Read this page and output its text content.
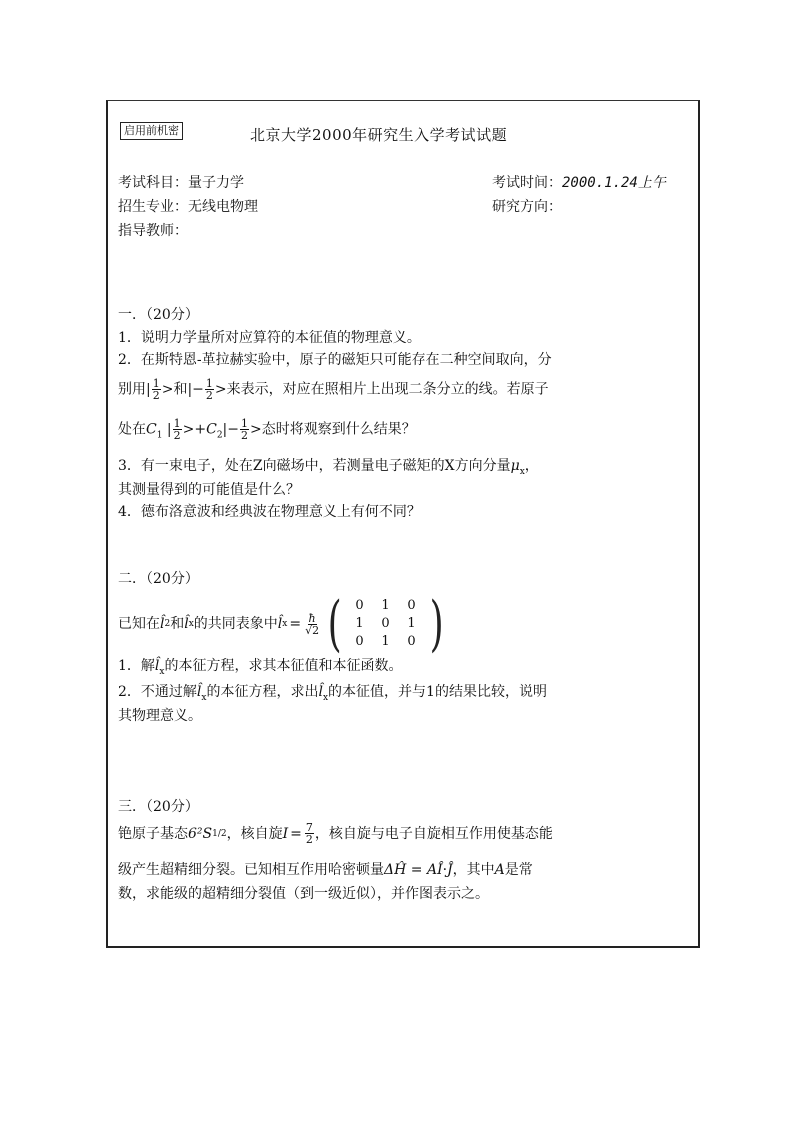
启用前机密	北京大学2000年研究生入学考试试题
考试科目：量子力学	考试时间：2000.1.24上午
招生专业：无线电物理	研究方向：
指导教师：
一．（20分）
1．说明力学量所对应算符的本征值的物理意义。
2．在斯特恩-革拉赫实验中，原子的磁矩只可能存在二种空间取向，分
别用| $\frac{1}{2}$ >和|− $\frac{1}{2}$ >来表示，对应在照相片上出现二条分立的线。若原子
处在$C_1$ | $\frac{1}{2} >+C_2|- \frac{1}{2}$ >态时将观察到什么结果？
3．有一束电子，处在Z向磁场中，若测量电子磁矩的X方向分量$\mu_x$，
其测量得到的可能值是什么？
4．德布洛意波和经典波在物理意义上有何不同？
二．（20分）
已知在 l̂ 2 和 l̂ x 的共同表象中 l̂ $x = \frac{ħ}{√2}$ (	0	1	0
1	0	1
0	1	0 )
1．解$l̂_x$的本征方程，求其本征值和本征函数。
2．不通过解$l̂_x$的本征方程，求出$l̂_x$的本征值，并与1的结果比较，说明
其物理意义。
三．（20分）
铯原子基态 6²S 1/2 ，核自旋 $I = \frac{7}{2}$ ，核自旋与电子自旋相互作用使基态能
级产生超精细分裂。已知相互作用哈密顿量ΔĤ = AÎ·Ĵ，其中A是常
数，求能级的超精细分裂值（到一级近似），并作图表示之。
